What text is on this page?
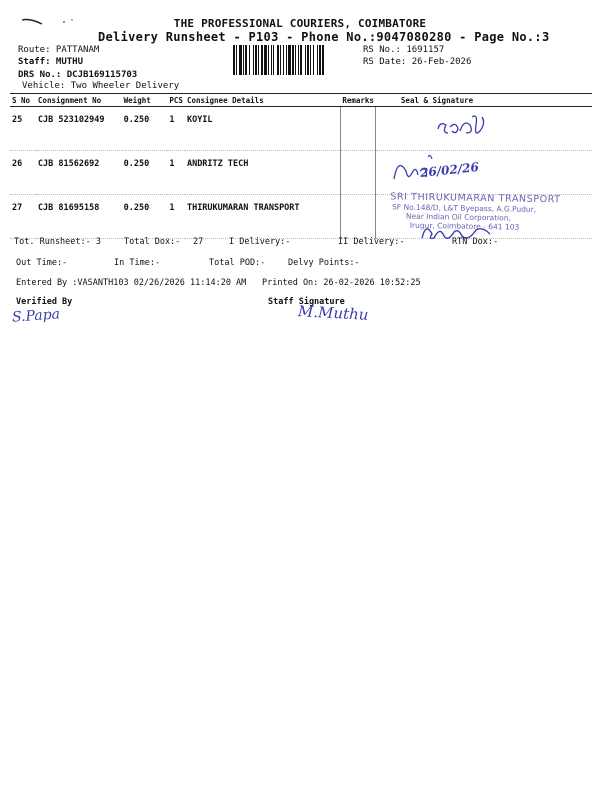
THE PROFESSIONAL COURIERS, COIMBATORE
Delivery Runsheet - P103 - Phone No.:9047080280 - Page No.:3
Route: PATTANAM
Staff: MUTHU
DRS No.: DCJB169115703
Vehicle: Two Wheeler Delivery
RS No.: 1691157
RS Date: 26-Feb-2026
S No	Consignment No	Weight	PCS	Consignee Details	Remarks	Seal & Signature
25	CJB 523102949	0.250	1	KOYIL		

26	CJB 81562692	0.250	1	ANDRITZ TECH		26/02/26

27	CJB 81695158	0.250	1	THIRUKUMARAN TRANSPORT		
SRI THIRUKUMARAN TRANSPORT
SF No.148/D, L&T Byepass, A.G.Pudur,
Near Indian Oil Corporation,
Irugur, Coimbatore - 641 103
Tot. Runsheet:- 3	Total Dox:- 27	I Delivery:-	II Delivery:-	RTN Dox:-
Out Time:-	In Time:-	Total POD:-	Delvy Points:-
Entered By :VASANTH103 02/26/2026 11:14:20 AM Printed On: 26-02-2026 10:52:25
Verified By	Staff Signature
S.Papa	M.Muthu
